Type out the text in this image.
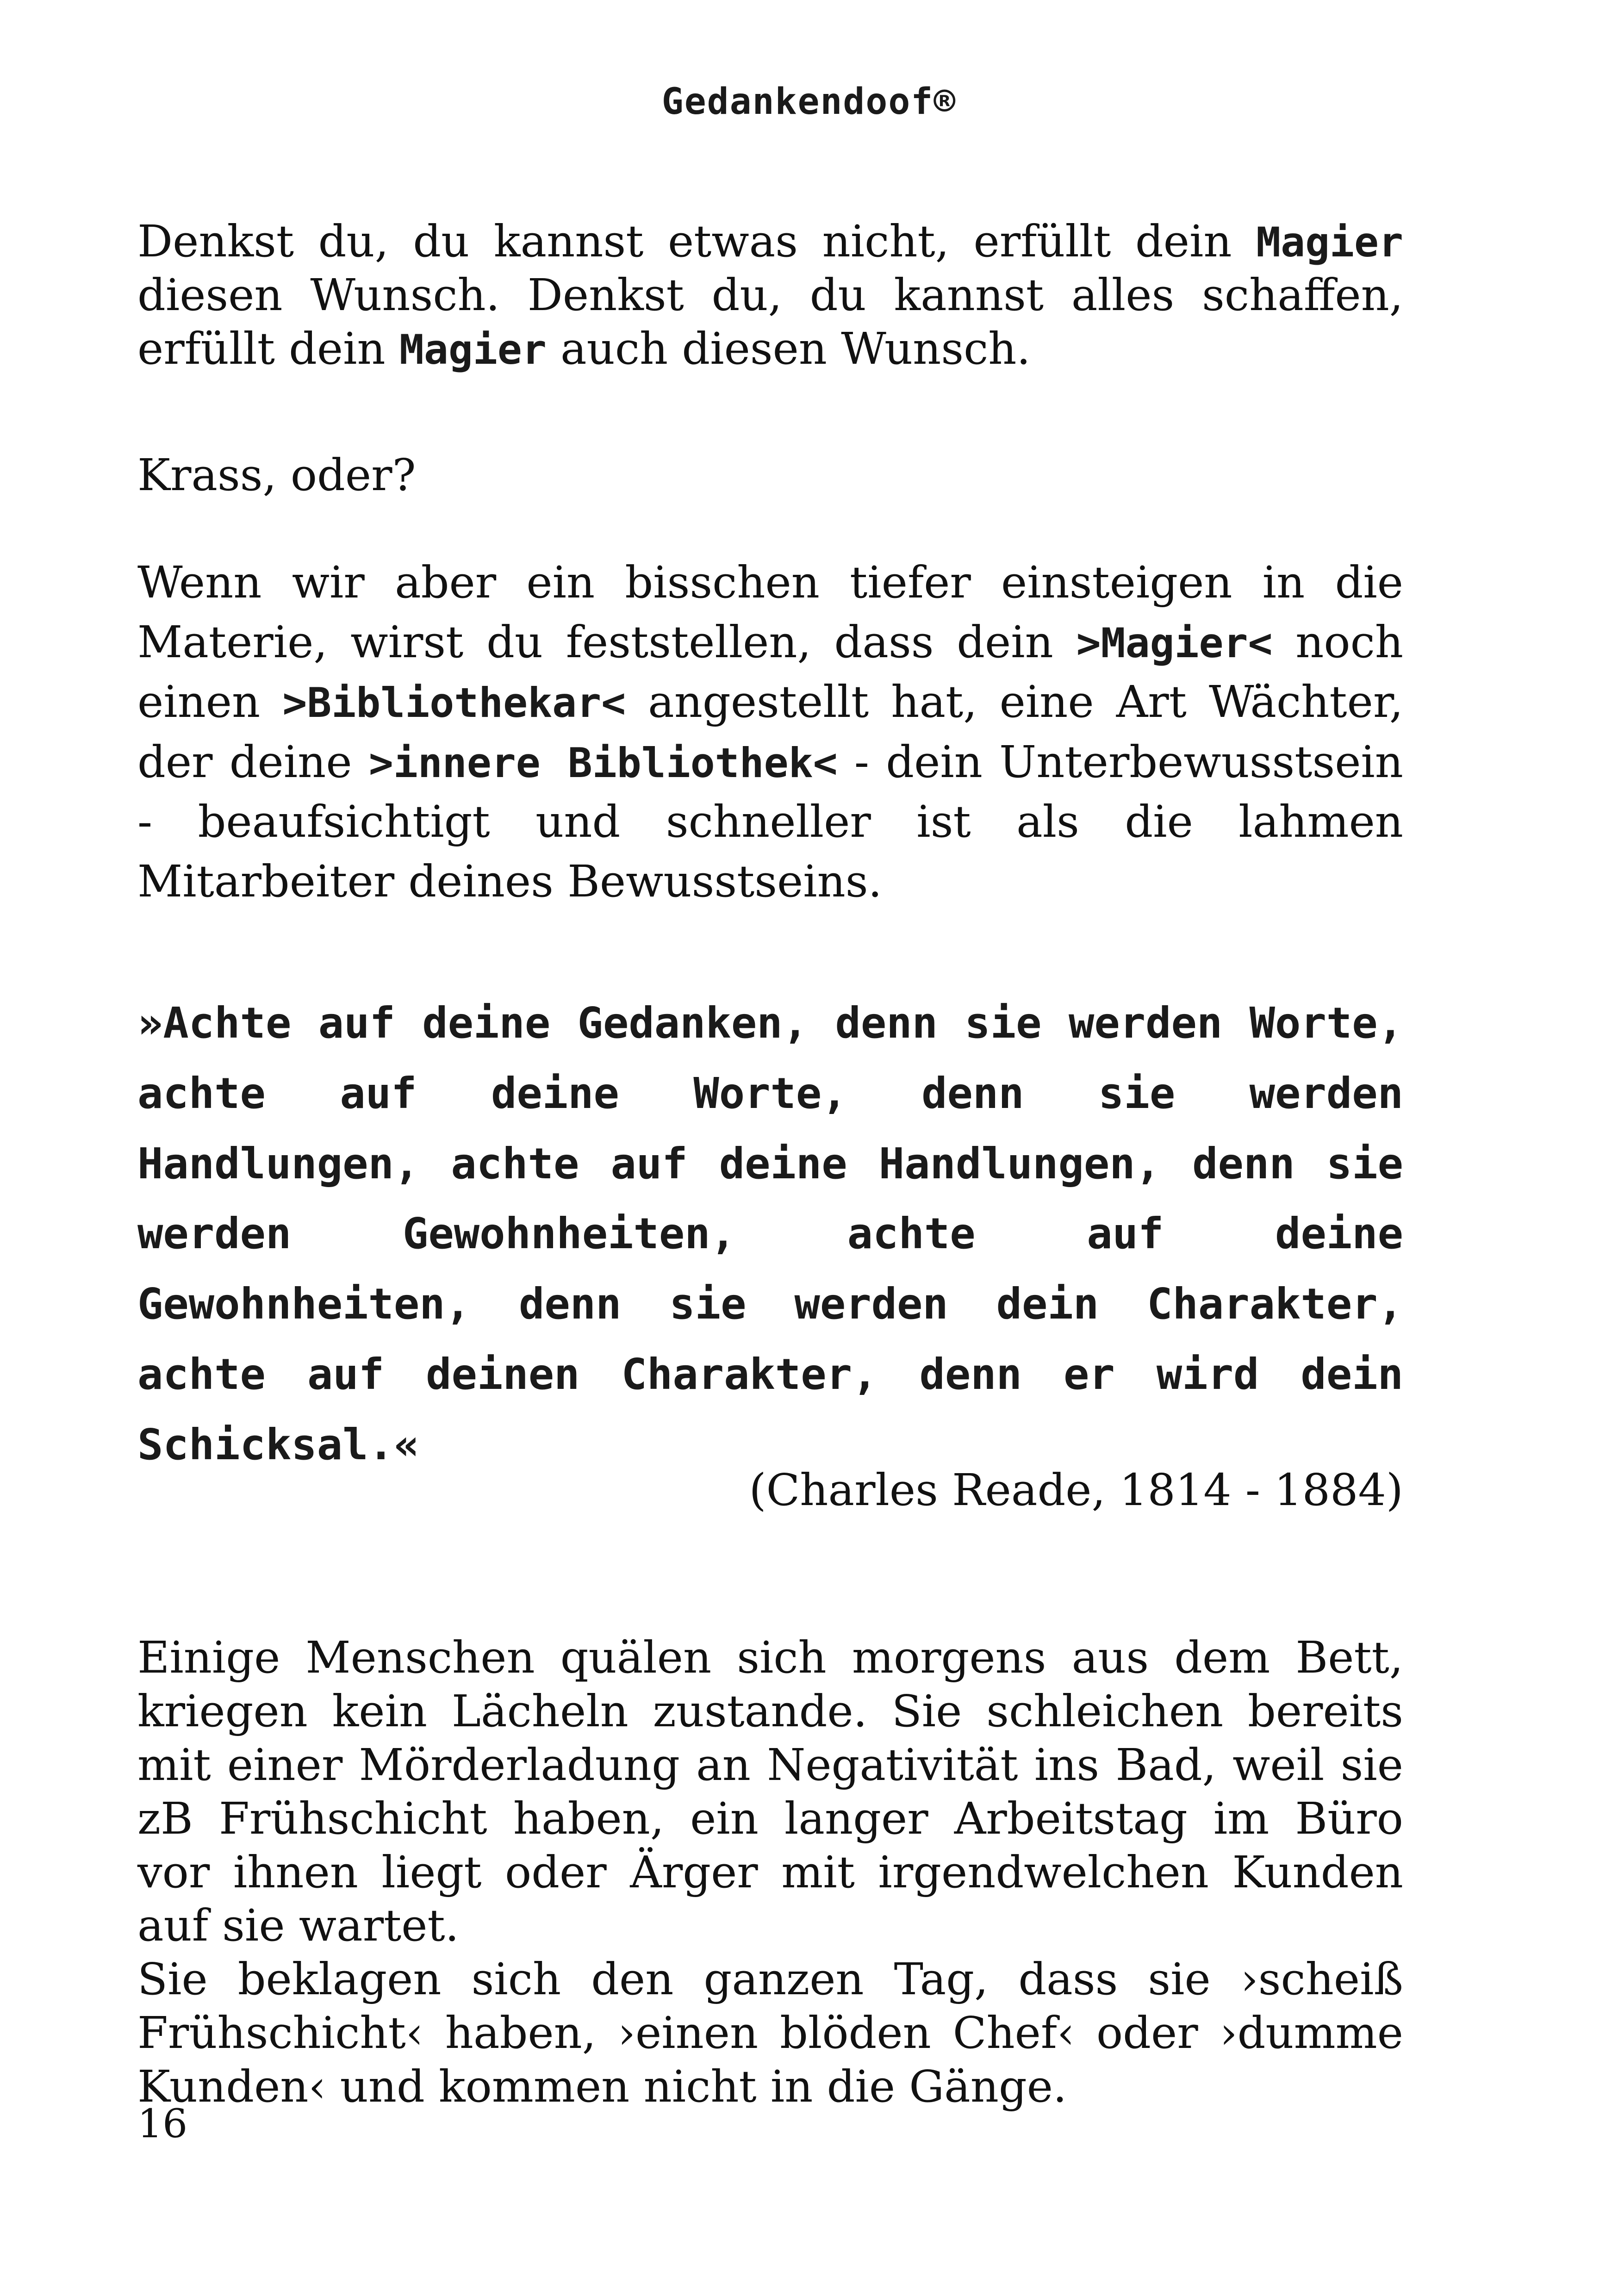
Gedankendoof®

Denkst du, du kannst etwas nicht, erfüllt dein Magier diesen Wunsch. Denkst du, du kannst alles schaffen, erfüllt dein Magier auch diesen Wunsch.

Krass, oder?

Wenn wir aber ein bisschen tiefer einsteigen in die Materie, wirst du feststellen, dass dein >Magier< noch einen >Bibliothekar< angestellt hat, eine Art Wächter, der deine >innere Bibliothek< - dein Unterbewusstsein - beaufsichtigt und schneller ist als die lahmen Mitarbeiter deines Bewusstseins.

»Achte auf deine Gedanken, denn sie werden Worte, achte auf deine Worte, denn sie werden Handlungen, achte auf deine Handlungen, denn sie werden Gewohnheiten, achte auf deine Gewohnheiten, denn sie werden dein Charakter, achte auf deinen Charakter, denn er wird dein Schicksal.«
(Charles Reade, 1814 - 1884)

Einige Menschen quälen sich morgens aus dem Bett, kriegen kein Lächeln zustande. Sie schleichen bereits mit einer Mörderladung an Negativität ins Bad, weil sie zB Frühschicht haben, ein langer Arbeitstag im Büro vor ihnen liegt oder Ärger mit irgendwelchen Kunden auf sie wartet.

Sie beklagen sich den ganzen Tag, dass sie ›scheiß Frühschicht‹ haben, ›einen blöden Chef‹ oder ›dumme Kunden‹ und kommen nicht in die Gänge.

16
